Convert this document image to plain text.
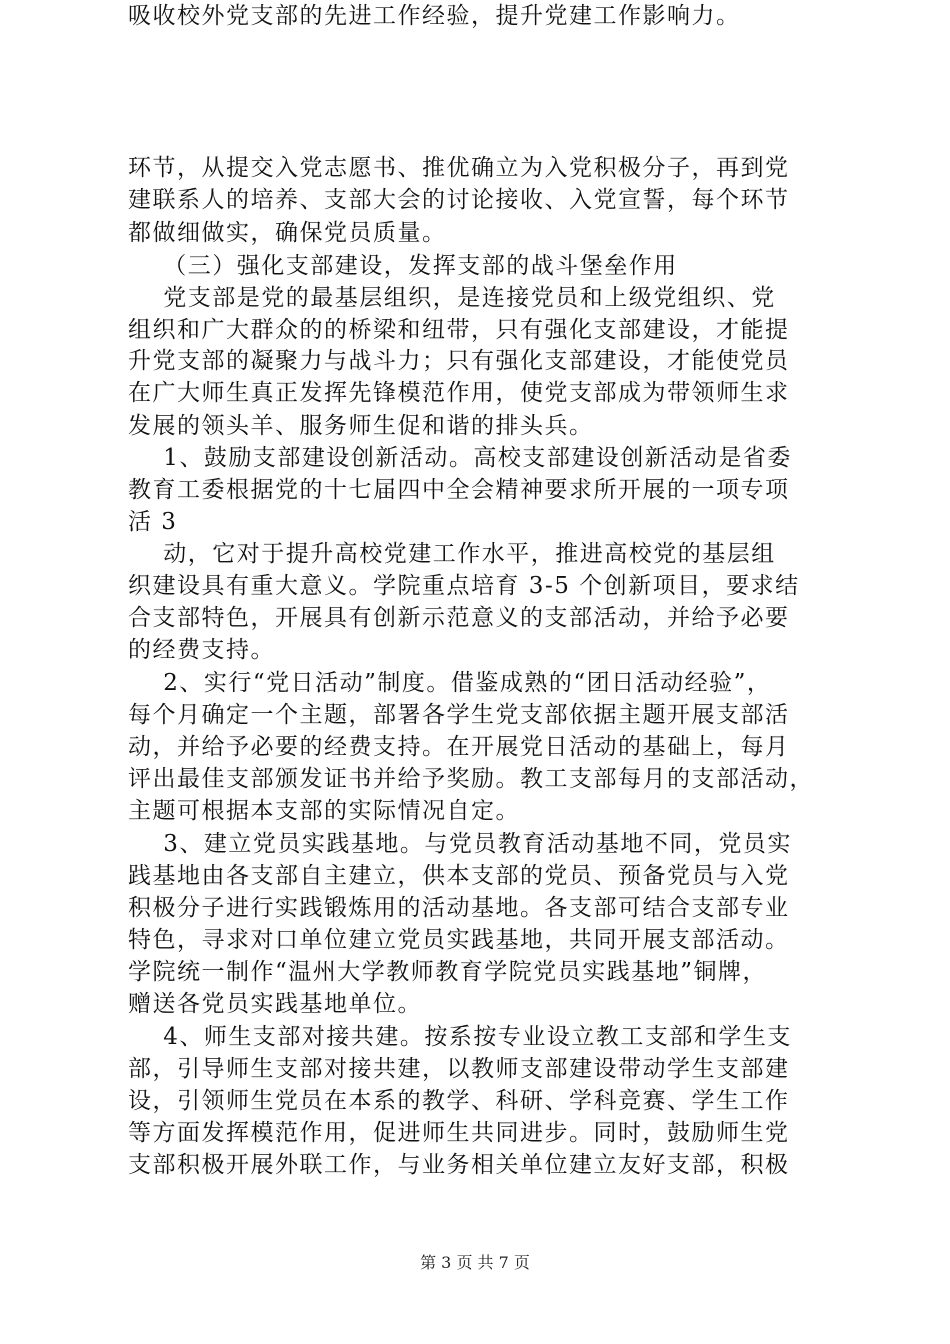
环节，从提交入党志愿书、推优确立为入党积极分子，再到党
建联系人的培养、支部大会的讨论接收、入党宣誓，每个环节
都做细做实，确保党员质量。
（三）强化支部建设，发挥支部的战斗堡垒作用
党支部是党的最基层组织，是连接党员和上级党组织、党
组织和广大群众的的桥梁和纽带，只有强化支部建设，才能提
升党支部的凝聚力与战斗力；只有强化支部建设，才能使党员
在广大师生真正发挥先锋模范作用，使党支部成为带领师生求
发展的领头羊、服务师生促和谐的排头兵。
1、鼓励支部建设创新活动。高校支部建设创新活动是省委
教育工委根据党的十七届四中全会精神要求所开展的一项专项
活 3
动，它对于提升高校党建工作水平，推进高校党的基层组
织建设具有重大意义。学院重点培育 3-5 个创新项目，要求结
合支部特色，开展具有创新示范意义的支部活动，并给予必要
的经费支持。
2、实行“党日活动”制度。借鉴成熟的“团日活动经验”，
每个月确定一个主题，部署各学生党支部依据主题开展支部活
动，并给予必要的经费支持。在开展党日活动的基础上，每月
评出最佳支部颁发证书并给予奖励。教工支部每月的支部活动，
主题可根据本支部的实际情况自定。
3、建立党员实践基地。与党员教育活动基地不同，党员实
践基地由各支部自主建立，供本支部的党员、预备党员与入党
积极分子进行实践锻炼用的活动基地。各支部可结合支部专业
特色，寻求对口单位建立党员实践基地，共同开展支部活动。
学院统一制作“温州大学教师教育学院党员实践基地”铜牌，
赠送各党员实践基地单位。
4、师生支部对接共建。按系按专业设立教工支部和学生支
部，引导师生支部对接共建，以教师支部建设带动学生支部建
设，引领师生党员在本系的教学、科研、学科竞赛、学生工作
等方面发挥模范作用，促进师生共同进步。同时，鼓励师生党
支部积极开展外联工作，与业务相关单位建立友好支部，积极
吸收校外党支部的先进工作经验，提升党建工作影响力。
第 3 页 共 7 页
